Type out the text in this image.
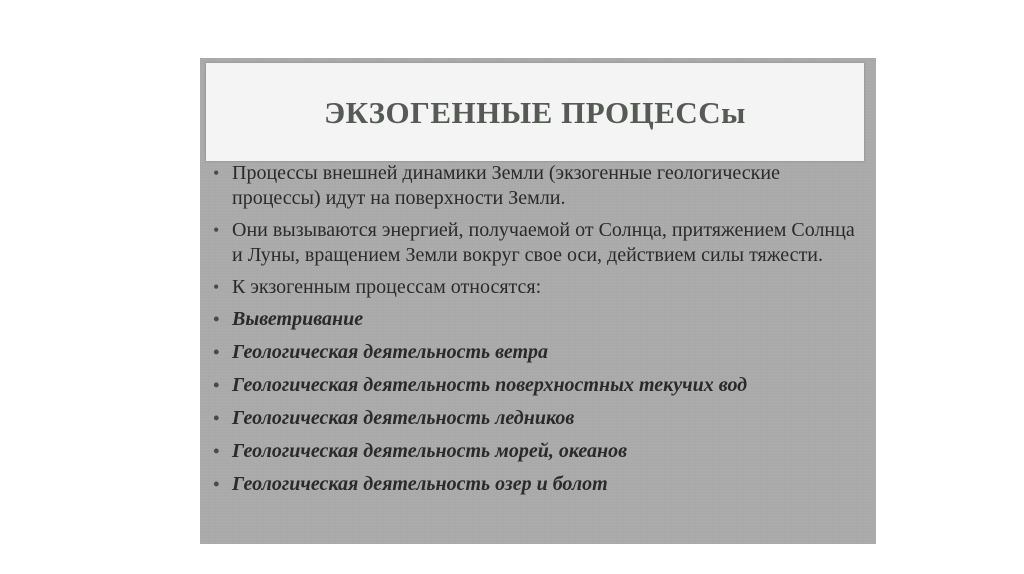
ЭКЗОГЕННЫЕ ПРОЦЕССы
• Процессы внешней динамики Земли (экзогенные геологические процессы) идут на поверхности Земли.
• Они вызываются энергией, получаемой от Солнца, притяжением Солнца и Луны, вращением Земли вокруг свое оси, действием силы тяжести.
• К экзогенным процессам относятся:
• Выветривание
• Геологическая деятельность ветра
• Геологическая деятельность поверхностных текучих вод
• Геологическая деятельность ледников
• Геологическая деятельность морей, океанов
• Геологическая деятельность озер и болот
